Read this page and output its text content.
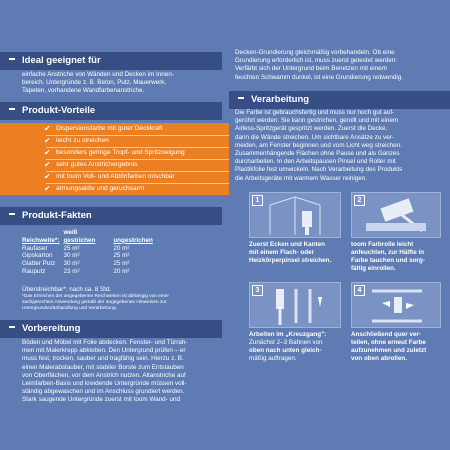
Ideal geeignet für

einfache Anstriche von Wänden und Decken im Innen-

bereich. Untergründe z. B. Beton, Putz, Mauerwerk,

Tapeten, vorhandene Wandfarbenanstriche.

Produkt-Vorteile
✔ Dispersionsfarbe mit guter Deckkraft
✔ leicht zu streichen
✔ besonders geringe Tropf- und Spritzneigung
✔ sehr gutes Anstrichergebnis
✔ mit toom Voll- und Abtönfarben mischbar
✔ atmungsaktiv und geruchsarm
Produkt-Fakten
	weiß	
Reichweite*:	gestrichen	ungestrichen
Raufaser	25 m²	20 m²
Gipskarton	30 m²	25 m²
Glatter Putz	30 m²	25 m²
Rauputz	23 m²	20 m²
Überstreichbar*: nach ca. 8 Std.
*Das Erreichen der angegebenen Reichweiten ist abhängig von einer
sachgerechten Anwendung gemäß der angegebenen Hinweisen zur
Untergrundvorbehandlung und Verarbeitung.
Vorbereitung

Böden und Möbel mit Folie abdecken. Fenster- und Türrah-

men mit Malerkrepp abkleben. Den Untergrund prüfen – er

muss fest, trocken, sauber und tragfähig sein. Hierzu z. B.

einen Malerabstauber, mit stabiler Borste zum Entstauben

von Oberflächen, vor dem Anstrich nutzen. Altanstriche auf

Leimfarben-Basis und kreidende Untergründe müssen voll-

ständig abgewaschen und im Anschluss grundiert werden.

Stark saugende Untergründe zuerst mit toom Wand- und

Decken-Grundierung gleichmäßig vorbehandeln. Ob eine

Grundierung erforderlich ist, muss zuerst getestet werden:

Verfärbt sich der Untergrund beim Benetzen mit einem

feuchten Schwamm dunkel, ist eine Grundierung notwendig.

Verarbeitung

Die Farbe ist gebrauchsfertig und muss nur noch gut auf-

gerührt werden. Sie kann gestrichen, gerollt und mit einem

Airless-Spritzgerät gespritzt werden. Zuerst die Decke,

dann die Wände streichen. Um sichtbare Ansätze zu ver-

meiden, am Fenster beginnen und vom Licht weg streichen.

Zusammenhängende Flächen ohne Pause und als Ganzes

durcharbeiten. In den Arbeitspausen Pinsel und Roller mit

Plastikfolie fest umwickeln. Nach Verarbeitung des Produkts

die Arbeitsgeräte mit warmem Wasser reinigen.

1
Zuerst Ecken und Kanten
mit einem Flach- oder
Heizkörperpinsel streichen.
2
toom Farbrolle leicht
anfeuchten, zur Hälfte in
Farbe tauchen und sorg-
fältig einrollen.
3
Arbeiten im „Kreuzgang":
Zunächst 2–3 Bahnen von
oben nach unten gleich-
mäßig auftragen.
4
Anschließend quer ver-
teilen, ohne erneut Farbe
aufzunehmen und zuletzt
von oben abrollen.
